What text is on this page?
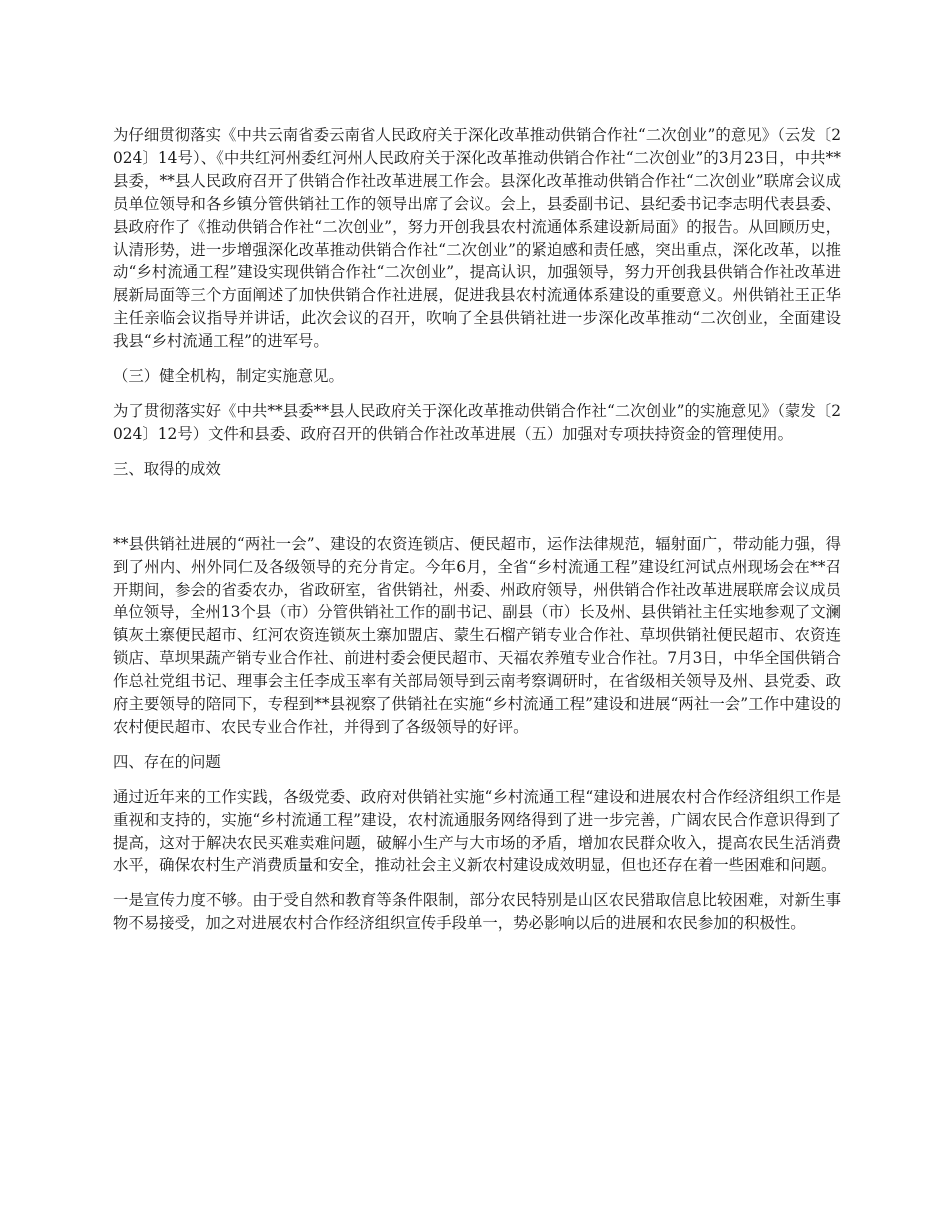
为仔细贯彻落实《中共云南省委云南省人民政府关于深化改革推动供销合作社“二次创业”的意见》（云发〔2024〕14号）、《中共红河州委红河州人民政府关于深化改革推动供销合作社“二次创业”的3月23日，中共**县委，**县人民政府召开了供销合作社改革进展工作会。县深化改革推动供销合作社“二次创业”联席会议成员单位领导和各乡镇分管供销社工作的领导出席了会议。会上，县委副书记、县纪委书记李志明代表县委、县政府作了《推动供销合作社“二次创业”，努力开创我县农村流通体系建设新局面》的报告。从回顾历史，认清形势，进一步增强深化改革推动供销合作社“二次创业”的紧迫感和责任感，突出重点，深化改革，以推动“乡村流通工程”建设实现供销合作社“二次创业”，提高认识，加强领导，努力开创我县供销合作社改革进展新局面等三个方面阐述了加快供销合作社进展，促进我县农村流通体系建设的重要意义。州供销社王正华主任亲临会议指导并讲话，此次会议的召开，吹响了全县供销社进一步深化改革推动“二次创业，全面建设我县“乡村流通工程”的进军号。

（三）健全机构，制定实施意见。

为了贯彻落实好《中共**县委**县人民政府关于深化改革推动供销合作社“二次创业”的实施意见》（蒙发〔2024〕12号）文件和县委、政府召开的供销合作社改革进展（五）加强对专项扶持资金的管理使用。

三、取得的成效

**县供销社进展的“两社一会”、建设的农资连锁店、便民超市，运作法律规范，辐射面广，带动能力强，得到了州内、州外同仁及各级领导的充分肯定。今年6月，全省“乡村流通工程”建设红河试点州现场会在**召开期间，参会的省委农办，省政研室，省供销社，州委、州政府领导，州供销合作社改革进展联席会议成员单位领导，全州13个县（市）分管供销社工作的副书记、副县（市）长及州、县供销社主任实地参观了文澜镇灰土寨便民超市、红河农资连锁灰土寨加盟店、蒙生石榴产销专业合作社、草坝供销社便民超市、农资连锁店、草坝果蔬产销专业合作社、前进村委会便民超市、天福农养殖专业合作社。7月3日，中华全国供销合作总社党组书记、理事会主任李成玉率有关部局领导到云南考察调研时，在省级相关领导及州、县党委、政府主要领导的陪同下，专程到**县视察了供销社在实施“乡村流通工程”建设和进展“两社一会”工作中建设的农村便民超市、农民专业合作社，并得到了各级领导的好评。

四、存在的问题

通过近年来的工作实践，各级党委、政府对供销社实施“乡村流通工程“建设和进展农村合作经济组织工作是重视和支持的，实施“乡村流通工程”建设，农村流通服务网络得到了进一步完善，广阔农民合作意识得到了提高，这对于解决农民买难卖难问题，破解小生产与大市场的矛盾，增加农民群众收入，提高农民生活消费水平，确保农村生产消费质量和安全，推动社会主义新农村建设成效明显，但也还存在着一些困难和问题。

一是宣传力度不够。由于受自然和教育等条件限制，部分农民特别是山区农民猎取信息比较困难，对新生事物不易接受，加之对进展农村合作经济组织宣传手段单一，势必影响以后的进展和农民参加的积极性。
